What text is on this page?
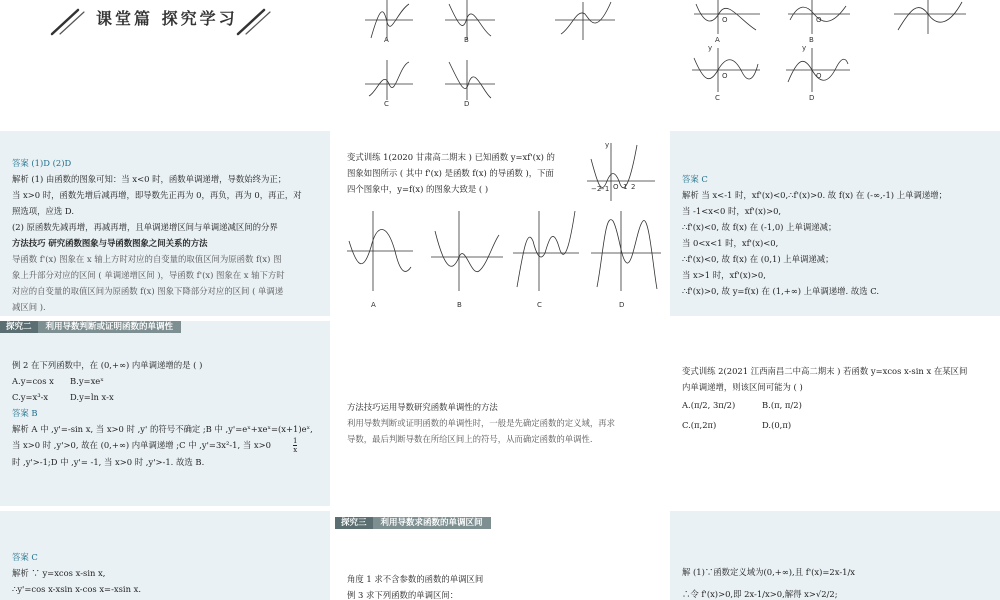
课堂篇 探究学习
A	B
C	D
A
O
B
O
C
y
O
D
y
O
答案 (1)D (2)D
解析 (1) 由函数的图象可知：当 x<0 时，函数单调递增，导数始终为正；
当 x>0 时，函数先增后减再增，即导数先正再为 0，再负，再为 0，再正，对
照选项，应选 D.
(2) 原函数先减再增，再减再增，且单调递增区间与单调递减区间的分界
方法技巧 研究函数图象与导函数图象之间关系的方法
导函数 f'(x) 图象在 x 轴上方时对应的自变量的取值区间为原函数 f(x) 图
象上升部分对应的区间 ( 单调递增区间 )，导函数 f'(x) 图象在 x 轴下方时
对应的自变量的取值区间为原函数 f(x) 图象下降部分对应的区间 ( 单调递
减区间 ).
变式训练 1(2020 甘肃高二期末 ) 已知函数 y=xf'(x) 的
图象如图所示 ( 其中 f'(x) 是函数 f(x) 的导函数 )，下面
四个图象中，y=f(x) 的图象大致是 ( )	−2
−1 O 1 2
y
A	B	C	D
答案 C
解析 当 x<-1 时，xf'(x)<0,∴f'(x)>0. 故 f(x) 在 (-∞,-1) 上单调递增；
当 -1<x<0 时，xf'(x)>0,
∴f'(x)<0, 故 f(x) 在 (-1,0) 上单调递减；
当 0<x<1 时，xf'(x)<0,
∴f'(x)<0, 故 f(x) 在 (0,1) 上单调递减；
当 x>1 时，xf'(x)>0,
∴f'(x)>0, 故 y=f(x) 在 (1,+∞) 上单调递增. 故选 C.
探究二	利用导数判断或证明函数的单调性
例 2 在下列函数中，在 (0,+∞) 内单调递增的是 ( )
A.y=cos x B.y=xeˣ
C.y=x³-x	D.y=ln x-x
答案 B
解析 A 中 ,y'=-sin x, 当 x>0 时 ,y' 的符号不确定 ;B 中 ,y'=eˣ+xeˣ=(x+1)eˣ,
当 x>0 时 ,y'>0, 故在 (0,+∞) 内单调递增 ;C 中 ,y'=3x²-1, 当 x>0	$\frac{1}{x}$
时 ,y'>-1;D 中 ,y'= -1, 当 x>0 时 ,y'>-1. 故选 B.
方法技巧运用导数研究函数单调性的方法
利用导数判断或证明函数的单调性时，一般是先确定函数的定义域，再求
导数，最后判断导数在所给区间上的符号，从而确定函数的单调性.
变式训练 2(2021 江西南昌二中高二期末 ) 若函数 y=xcos x-sin x 在某区间
内单调递增，则该区间可能为 ( )
A.(π/2, 3π/2)	B.(π, π/2)
C.(π,2π)	D.(0,π)
答案 C
解析 ∵ y=xcos x-sin x,
∴y'=cos x-xsin x-cos x=-xsin x.
探究三	利用导数求函数的单调区间
角度 1 求不含参数的函数的单调区间
例 3 求下列函数的单调区间：
解 (1)∵函数定义域为(0,+∞),且 f'(x)=2x-1/x
∴令 f'(x)>0,即 2x-1/x>0,解得 x>√2/2;
